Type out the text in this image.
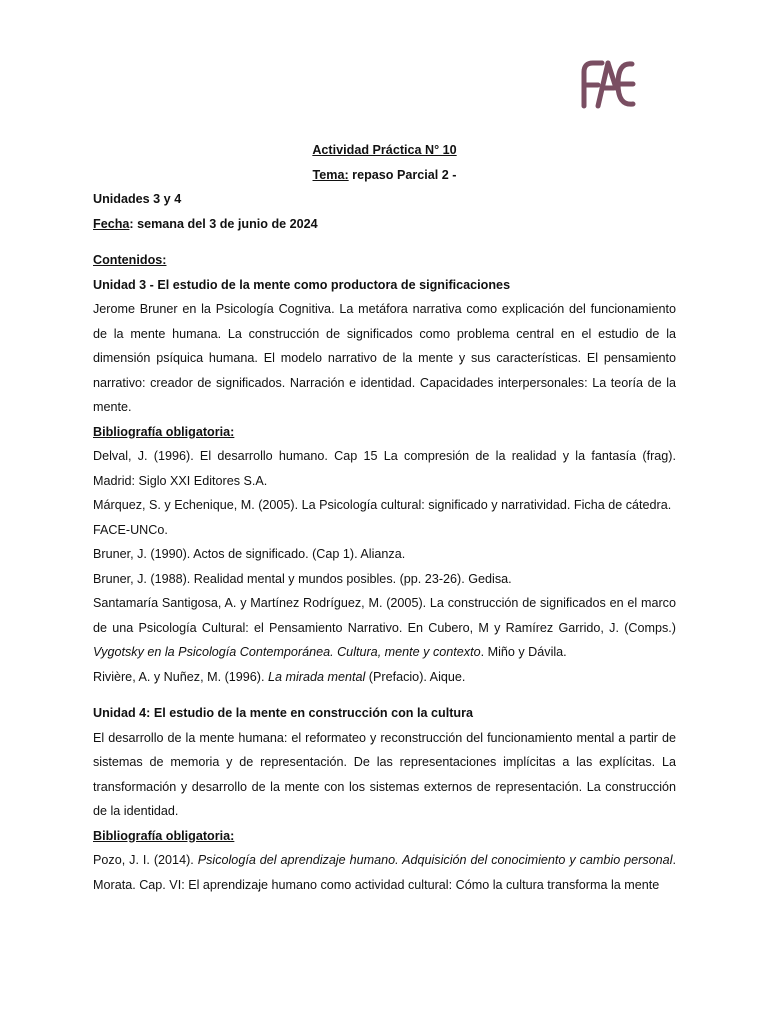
Actividad Práctica N° 10

Tema: repaso Parcial 2 -

Unidades 3 y 4

Fecha: semana del 3 de junio de 2024

Contenidos:

Unidad 3 - El estudio de la mente como productora de significaciones

Jerome Bruner en la Psicología Cognitiva. La metáfora narrativa como explicación del funcionamiento de la mente humana. La construcción de significados como problema central en el estudio de la dimensión psíquica humana. El modelo narrativo de la mente y sus características. El pensamiento narrativo: creador de significados. Narración e identidad. Capacidades interpersonales: La teoría de la mente.

Bibliografía obligatoria:

Delval, J. (1996). El desarrollo humano. Cap 15 La compresión de la realidad y la fantasía (frag). Madrid: Siglo XXI Editores S.A.

Márquez, S. y Echenique, M. (2005). La Psicología cultural: significado y narratividad. Ficha de cátedra. FACE-UNCo.

Bruner, J. (1990). Actos de significado. (Cap 1). Alianza.

Bruner, J. (1988). Realidad mental y mundos posibles. (pp. 23-26). Gedisa.

Santamaría Santigosa, A. y Martínez Rodríguez, M. (2005). La construcción de significados en el marco de una Psicología Cultural: el Pensamiento Narrativo. En Cubero, M y Ramírez Garrido, J. (Comps.) Vygotsky en la Psicología Contemporánea. Cultura, mente y contexto. Miño y Dávila.

Rivière, A. y Nuñez, M. (1996). La mirada mental (Prefacio). Aique.

Unidad 4: El estudio de la mente en construcción con la cultura

El desarrollo de la mente humana: el reformateo y reconstrucción del funcionamiento mental a partir de sistemas de memoria y de representación. De las representaciones implícitas a las explícitas. La transformación y desarrollo de la mente con los sistemas externos de representación. La construcción de la identidad.

Bibliografía obligatoria:

Pozo, J. I. (2014). Psicología del aprendizaje humano. Adquisición del conocimiento y cambio personal. Morata. Cap. VI: El aprendizaje humano como actividad cultural: Cómo la cultura transforma la mente
